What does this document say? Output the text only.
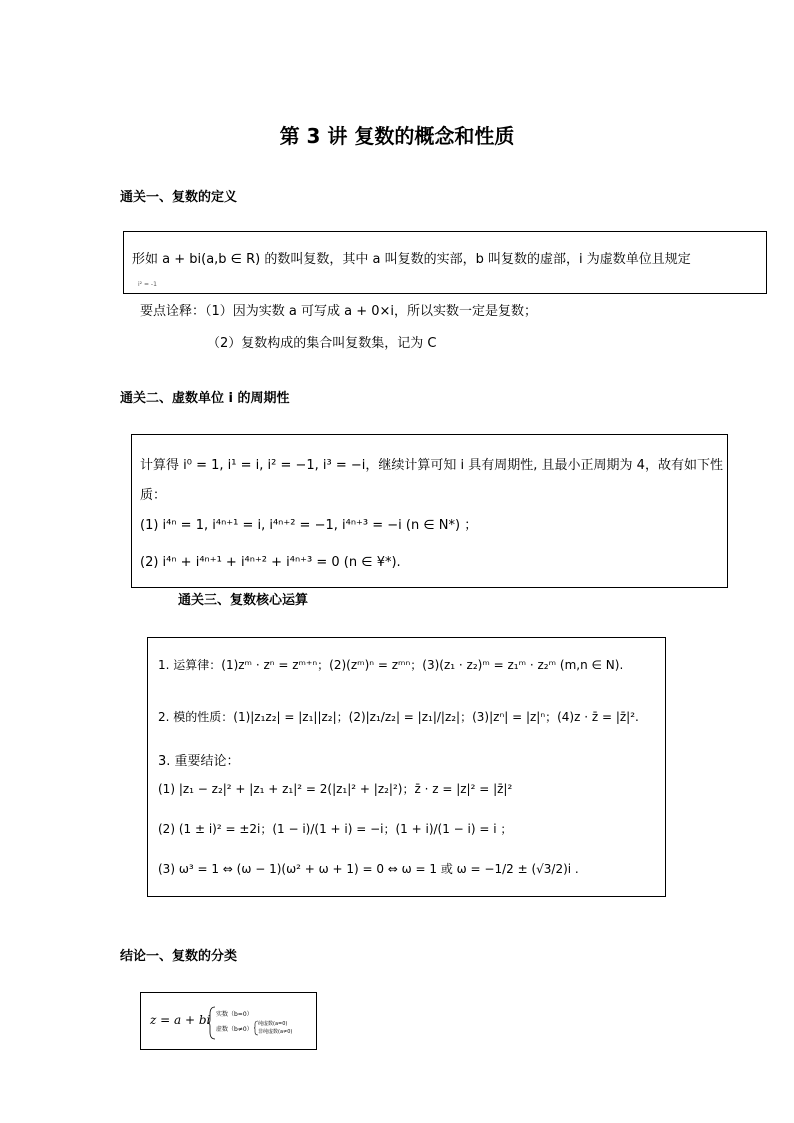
第 3 讲 复数的概念和性质
通关一、复数的定义
形如 a + bi(a,b ∈ R) 的数叫复数，其中 a 叫复数的实部，b 叫复数的虚部，i 为虚数单位且规定
i² = -1
要点诠释：（1）因为实数 a 可写成 a + 0×i，所以实数一定是复数；
（2）复数构成的集合叫复数集，记为 C
通关二、虚数单位 i 的周期性
计算得 i⁰ = 1, i¹ = i, i² = −1, i³ = −i，继续计算可知 i 具有周期性, 且最小正周期为 4，故有如下性
质：
(1) i⁴ⁿ = 1, i⁴ⁿ⁺¹ = i, i⁴ⁿ⁺² = −1, i⁴ⁿ⁺³ = −i (n ∈ N*) ；
(2) i⁴ⁿ + i⁴ⁿ⁺¹ + i⁴ⁿ⁺² + i⁴ⁿ⁺³ = 0 (n ∈ ¥*).
通关三、复数核心运算
1. 运算律：(1)zᵐ · zⁿ = zᵐ⁺ⁿ；(2)(zᵐ)ⁿ = zᵐⁿ；(3)(z₁ · z₂)ᵐ = z₁ᵐ · z₂ᵐ (m,n ∈ N).
2. 模的性质：(1)|z₁z₂| = |z₁||z₂|；(2)|z₁/z₂| = |z₁|/|z₂|；(3)|zⁿ| = |z|ⁿ；(4)z · z̄ = |z̄|².
3. 重要结论：
(1) |z₁ − z₂|² + |z₁ + z₁|² = 2(|z₁|² + |z₂|²)；z̄ · z = |z|² = |z̄|²
(2) (1 ± i)² = ±2i；(1 − i)/(1 + i) = −i；(1 + i)/(1 − i) = i ；
(3) ω³ = 1 ⇔ (ω − 1)(ω² + ω + 1) = 0 ⇔ ω = 1 或 ω = −1/2 ± (√3/2)i .
结论一、复数的分类
z = a + bi 实数（b=0）
虚数（b≠0）
纯虚数(a=0)
非纯虚数(a≠0)
